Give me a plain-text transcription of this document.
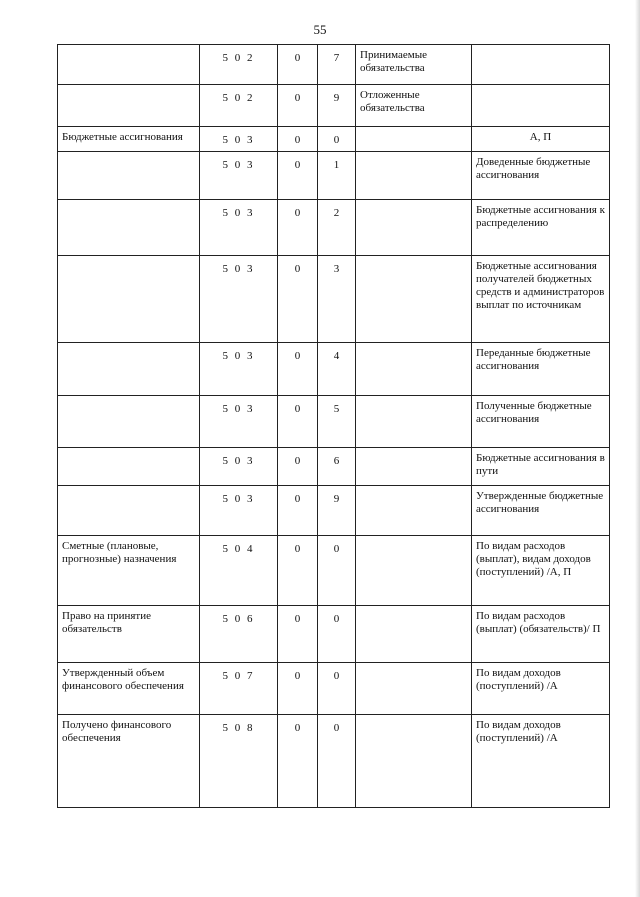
55
	5 0 2	0	7	Принимаемые обязательства	
	5 0 2	0	9	Отложенные обязательства	
Бюджетные ассигнования	5 0 3	0	0		А, П
	5 0 3	0	1		Доведенные бюджетные ассигнования
	5 0 3	0	2		Бюджетные ассигнования к распределению
	5 0 3	0	3		Бюджетные ассигнования получателей бюджетных средств и администраторов выплат по источникам
	5 0 3	0	4		Переданные бюджетные ассигнования
	5 0 3	0	5		Полученные бюджетные ассигнования
	5 0 3	0	6		Бюджетные ассигнования в пути
	5 0 3	0	9		Утвержденные бюджетные ассигнования
Сметные (плановые, прогнозные) назначения	5 0 4	0	0		По видам расходов (выплат), видам доходов (поступлений) /А, П
Право на принятие обязательств	5 0 6	0	0		По видам расходов (выплат) (обязательств)/ П
Утвержденный объем финансового обеспечения	5 0 7	0	0		По видам доходов (поступлений) /А
Получено финансового обеспечения	5 0 8	0	0		По видам доходов (поступлений) /А
